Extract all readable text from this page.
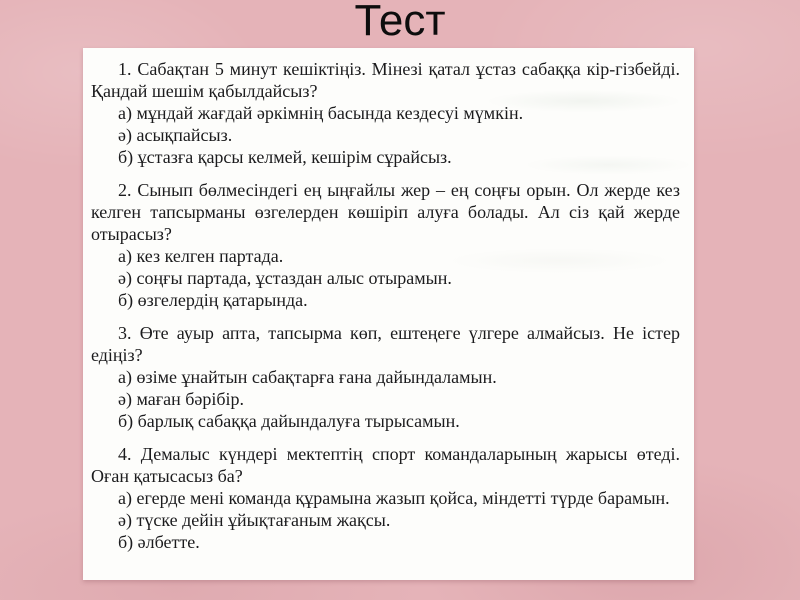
Тест

1. Сабақтан 5 минут кешіктіңіз. Мінезі қатал ұстаз сабаққа кір-гізбейді. Қандай шешім қабылдайсыз?

а) мұндай жағдай әркімнің басында кездесуі мүмкін.

ә) асықпайсыз.

б) ұстазға қарсы келмей, кешірім сұрайсыз.

2. Сынып бөлмесіндегі ең ыңғайлы жер – ең соңғы орын. Ол жерде кез келген тапсырманы өзгелерден көшіріп алуға болады. Ал сіз қай жерде отырасыз?

а) кез келген партада.

ә) соңғы партада, ұстаздан алыс отырамын.

б) өзгелердің қатарында.

3. Өте ауыр апта, тапсырма көп, ештеңеге үлгере алмайсыз. Не істер едіңіз?

а) өзіме ұнайтын сабақтарға ғана дайындаламын.

ә) маған бәрібір.

б) барлық сабаққа дайындалуға тырысамын.

4. Демалыс күндері мектептің спорт командаларының жарысы өтеді. Оған қатысасыз ба?

а) егерде мені команда құрамына жазып қойса, міндетті түрде барамын.

ә) түске дейін ұйықтағаным жақсы.

б) әлбетте.
